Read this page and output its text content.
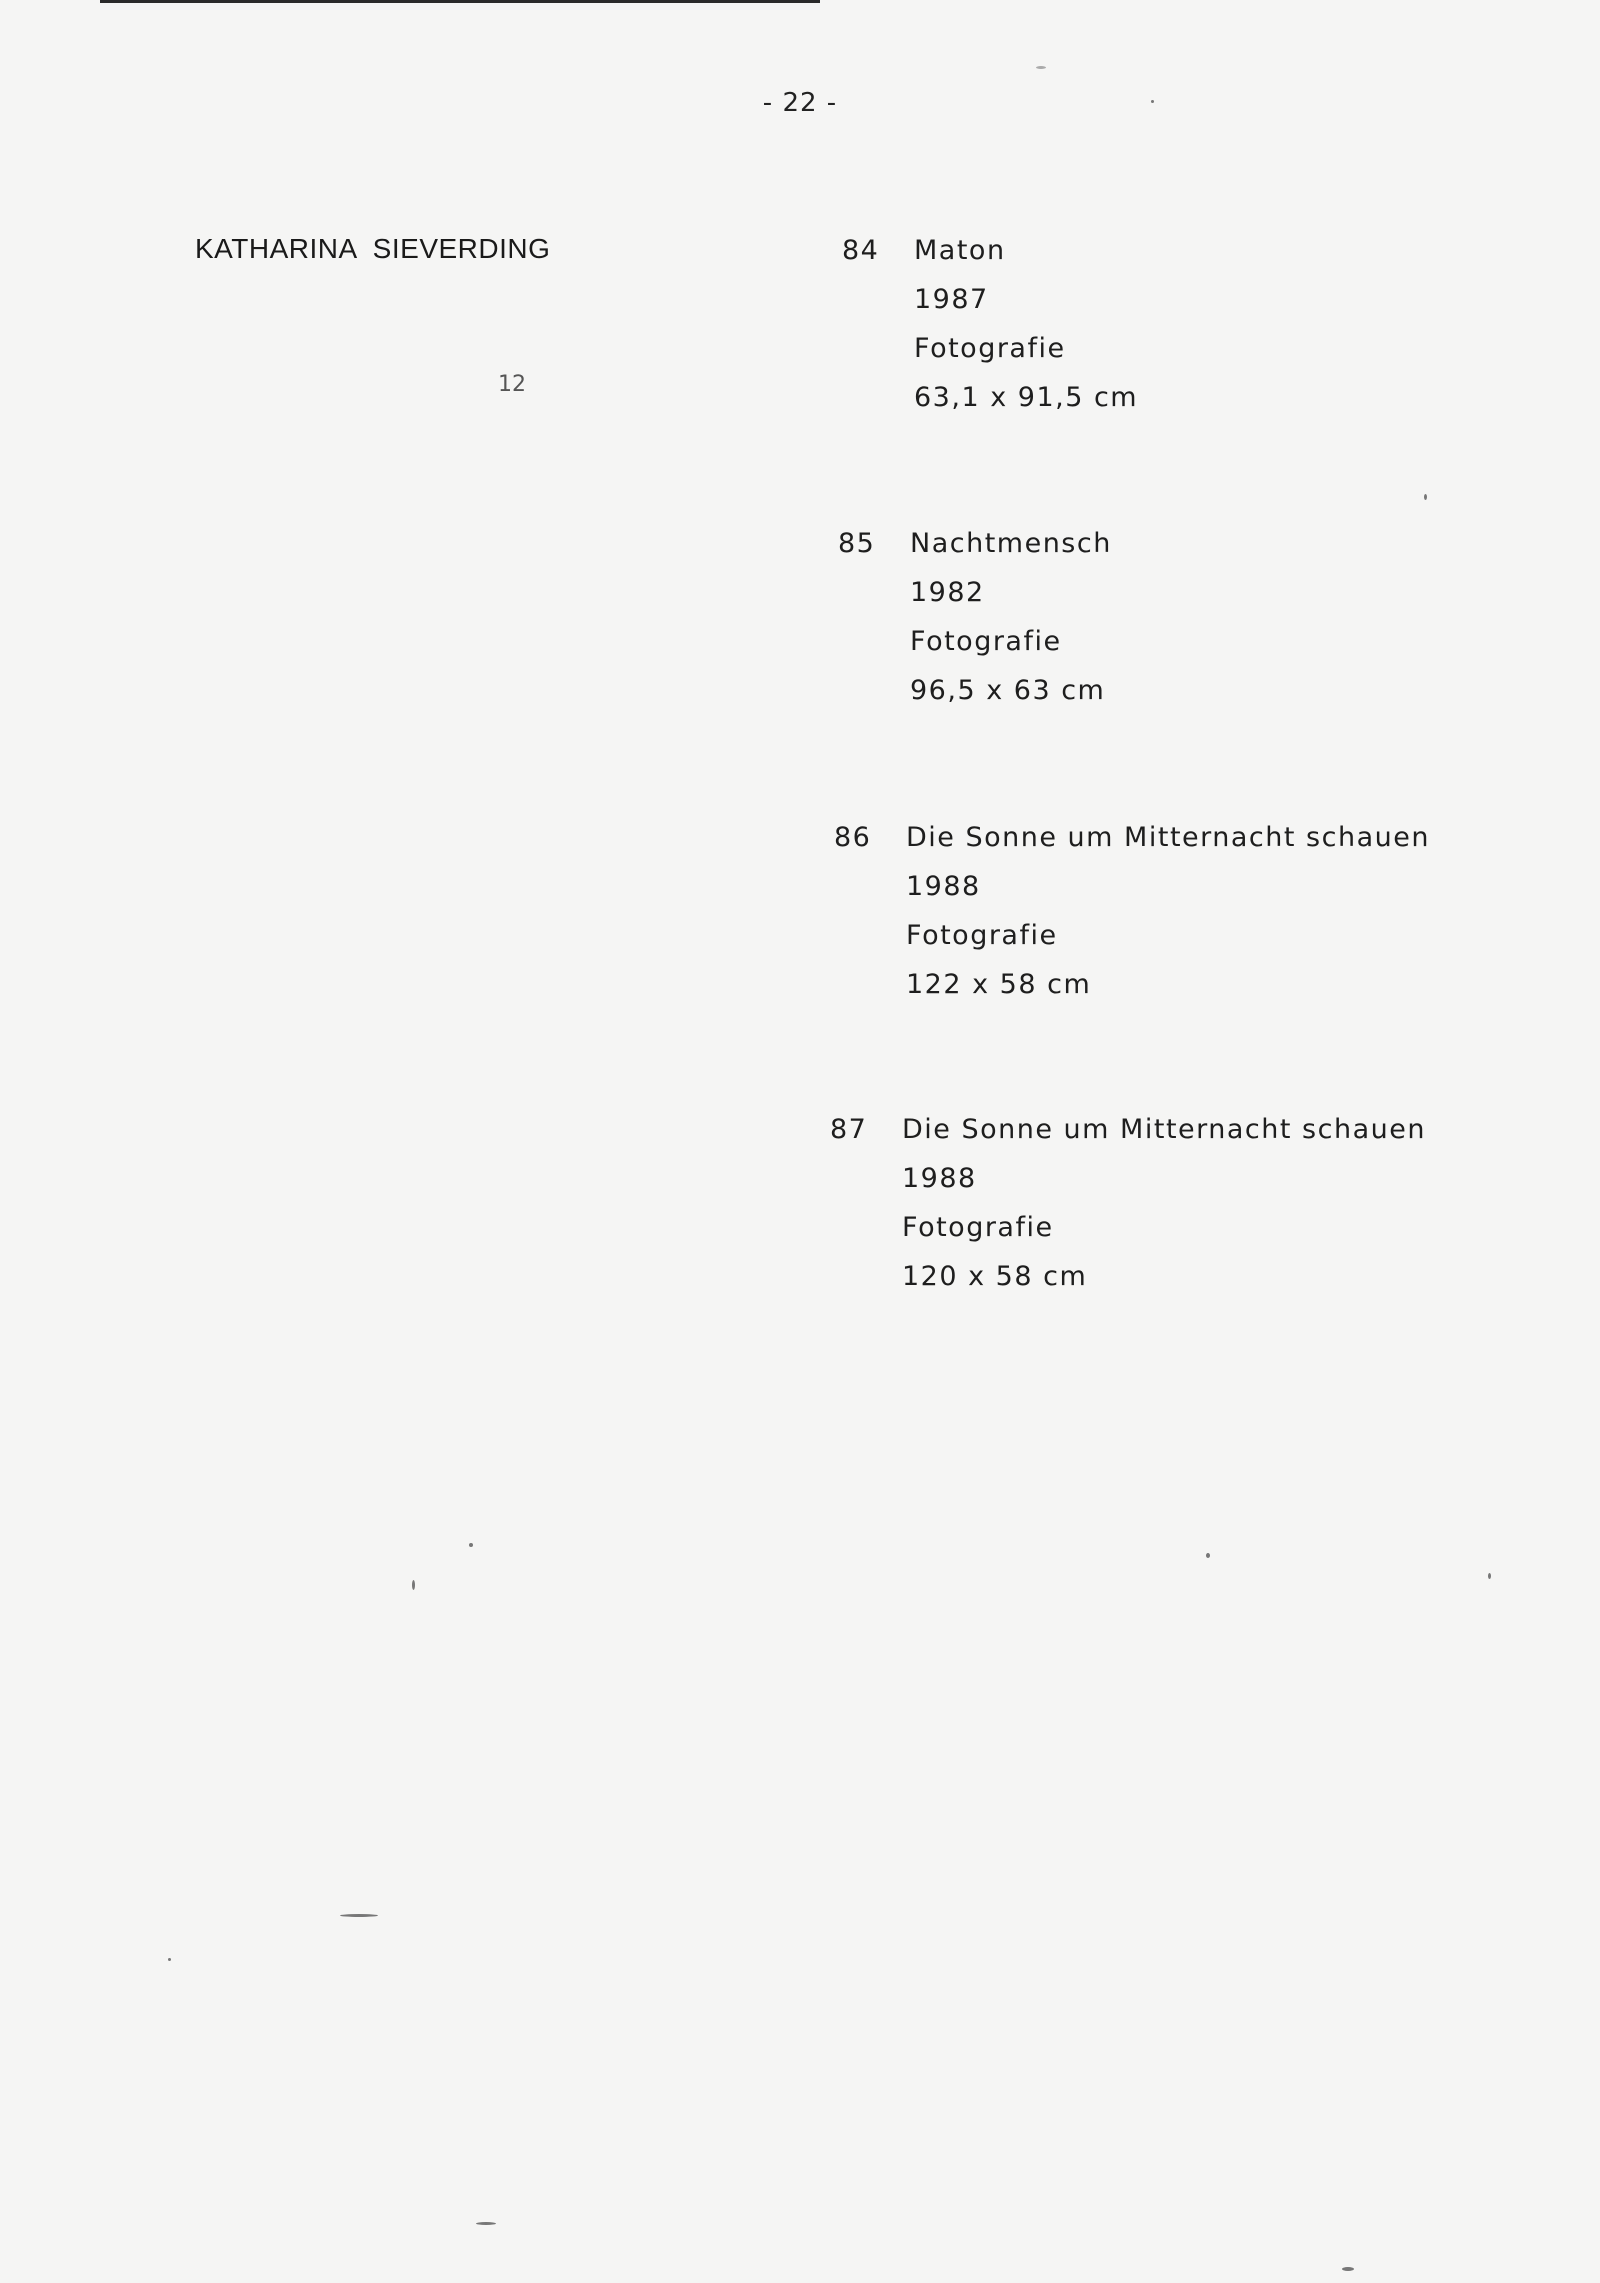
- 22 -
KATHARINA  SIEVERDING
12
84	Maton
1987
Fotografie
63,1 x 91,5 cm
85	Nachtmensch
1982
Fotografie
96,5 x 63 cm
86	Die Sonne um Mitternacht schauen
1988
Fotografie
122 x 58 cm
87	Die Sonne um Mitternacht schauen
1988
Fotografie
120 x 58 cm
